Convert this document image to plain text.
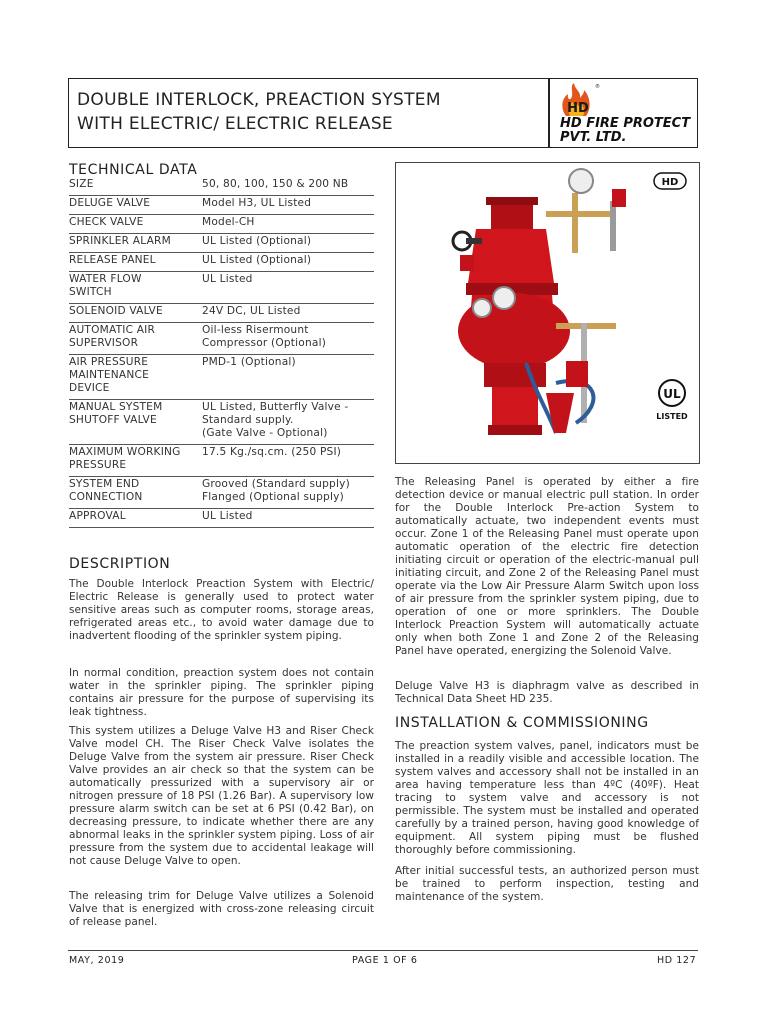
DOUBLE INTERLOCK, PREACTION SYSTEM
WITH ELECTRIC/ ELECTRIC RELEASE
HD
®
HD FIRE PROTECT
PVT. LTD.
TECHNICAL DATA
SIZE	50, 80, 100, 150 & 200 NB
DELUGE VALVE	Model H3, UL Listed
CHECK VALVE	Model-CH
SPRINKLER ALARM	UL Listed (Optional)
RELEASE PANEL	UL Listed (Optional)
WATER FLOW
SWITCH	UL Listed
SOLENOID VALVE	24V DC, UL Listed
AUTOMATIC AIR
SUPERVISOR	Oil-less Risermount
Compressor (Optional)
AIR PRESSURE
MAINTENANCE
DEVICE	PMD-1 (Optional)
MANUAL SYSTEM
SHUTOFF VALVE	UL Listed, Butterfly Valve -
Standard supply.
(Gate Valve - Optional)
MAXIMUM WORKING
PRESSURE	17.5 Kg./sq.cm. (250 PSI)
SYSTEM END
CONNECTION	Grooved (Standard supply)
Flanged (Optional supply)
APPROVAL	UL Listed
DESCRIPTION
The Double Interlock Preaction System with Electric/ Electric Release is generally used to protect water sensitive areas such as computer rooms, storage areas, refrigerated areas etc., to avoid water damage due to inadvertent flooding of the sprinkler system piping.
In normal condition, preaction system does not contain water in the sprinkler piping. The sprinkler piping contains air pressure for the purpose of supervising its leak tightness.
This system utilizes a Deluge Valve H3 and Riser Check Valve model CH. The Riser Check Valve isolates the Deluge Valve from the system air pressure. Riser Check Valve provides an air check so that the system can be automatically pressurized with a supervisory air or nitrogen pressure of 18 PSI (1.26 Bar). A supervisory low pressure alarm switch can be set at 6 PSI (0.42 Bar), on decreasing pressure, to indicate whether there are any abnormal leaks in the sprinkler system piping. Loss of air pressure from the system due to accidental leakage will not cause Deluge Valve to open.
The releasing trim for Deluge Valve utilizes a Solenoid Valve that is energized with cross-zone releasing circuit of release panel.
HD
UL
LISTED
The Releasing Panel is operated by either a fire detection device or manual electric pull station. In order for the Double Interlock Pre-action System to automatically actuate, two independent events must occur. Zone 1 of the Releasing Panel must operate upon automatic operation of the electric fire detection initiating circuit or operation of the electric-manual pull initiating circuit, and Zone 2 of the Releasing Panel must operate via the Low Air Pressure Alarm Switch upon loss of air pressure from the sprinkler system piping, due to operation of one or more sprinklers. The Double Interlock Preaction System will automatically actuate only when both Zone 1 and Zone 2 of the Releasing Panel have operated, energizing the Solenoid Valve.
Deluge Valve H3 is diaphragm valve as described in Technical Data Sheet HD 235.
INSTALLATION & COMMISSIONING
The preaction system valves, panel, indicators must be installed in a readily visible and accessible location. The system valves and accessory shall not be installed in an area having temperature less than 4ºC (40ºF). Heat tracing to system valve and accessory is not permissible. The system must be installed and operated carefully by a trained person, having good knowledge of equipment. All system piping must be flushed thoroughly before commissioning.
After initial successful tests, an authorized person must be trained to perform inspection, testing and maintenance of the system.
MAY, 2019	PAGE 1 OF 6	HD 127
